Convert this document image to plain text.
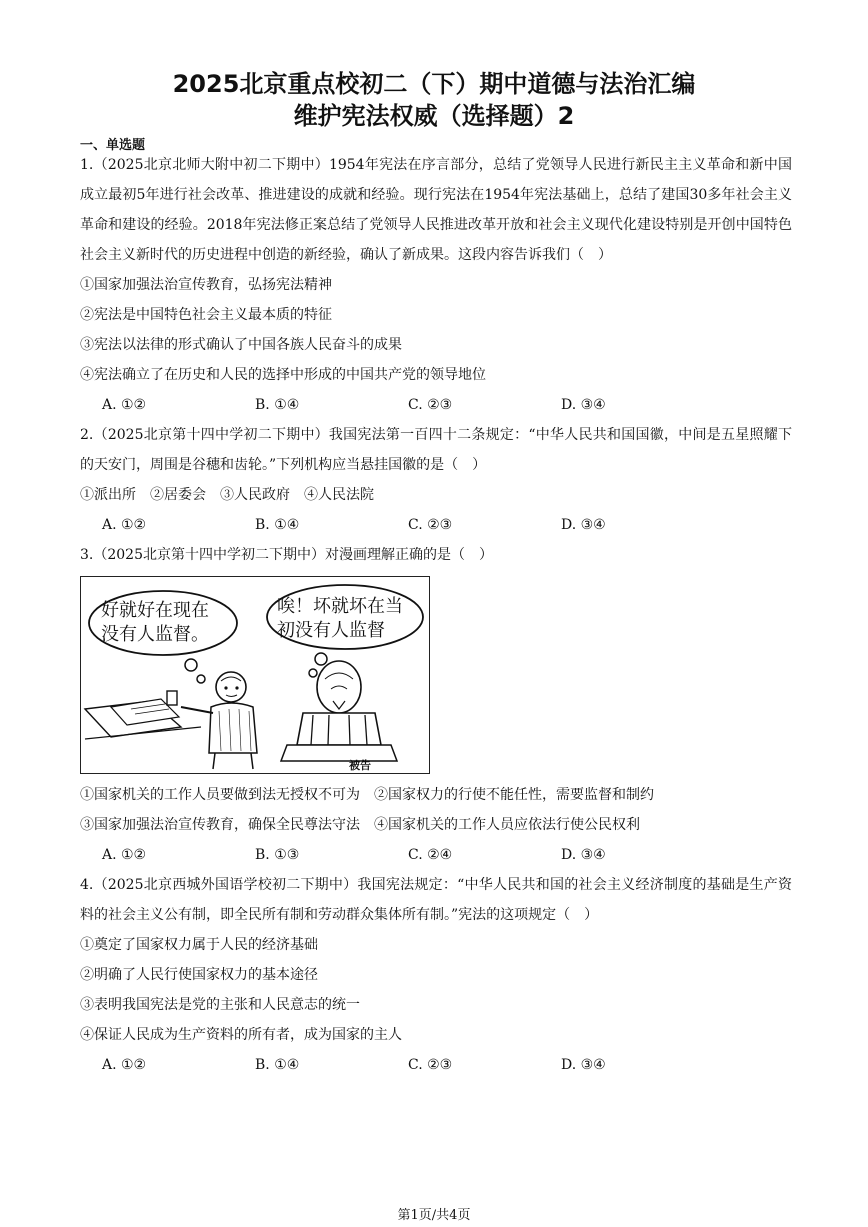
2025北京重点校初二（下）期中道德与法治汇编
维护宪法权威（选择题）2
一、单选题

1.（2025北京北师大附中初二下期中）1954年宪法在序言部分，总结了党领导人民进行新民主主义革命和新中国成立最初5年进行社会改革、推进建设的成就和经验。现行宪法在1954年宪法基础上，总结了建国30多年社会主义革命和建设的经验。2018年宪法修正案总结了党领导人民推进改革开放和社会主义现代化建设特别是开创中国特色社会主义新时代的历史进程中创造的新经验，确认了新成果。这段内容告诉我们（　）

①国家加强法治宣传教育，弘扬宪法精神

②宪法是中国特色社会主义最本质的特征

③宪法以法律的形式确认了中国各族人民奋斗的成果

④宪法确立了在历史和人民的选择中形成的中国共产党的领导地位

A. ①②	B. ①④	C. ②③	D. ③④

2.（2025北京第十四中学初二下期中）我国宪法第一百四十二条规定：“中华人民共和国国徽，中间是五星照耀下的天安门，周围是谷穗和齿轮。”下列机构应当悬挂国徽的是（　）

①派出所　②居委会　③人民政府　④人民法院

A. ①②	B. ①④	C. ②③	D. ③④

3.（2025北京第十四中学初二下期中）对漫画理解正确的是（　）

好就好在现在
没有人监督。
唉！坏就坏在当
初没有人监督
被告

①国家机关的工作人员要做到法无授权不可为　②国家权力的行使不能任性，需要监督和制约

③国家加强法治宣传教育，确保全民尊法守法　④国家机关的工作人员应依法行使公民权利

A. ①②	B. ①③	C. ②④	D. ③④

4.（2025北京西城外国语学校初二下期中）我国宪法规定：“中华人民共和国的社会主义经济制度的基础是生产资料的社会主义公有制，即全民所有制和劳动群众集体所有制。”宪法的这项规定（　）

①奠定了国家权力属于人民的经济基础

②明确了人民行使国家权力的基本途径

③表明我国宪法是党的主张和人民意志的统一

④保证人民成为生产资料的所有者，成为国家的主人

A. ①②	B. ①④	C. ②③	D. ③④
第1页/共4页
